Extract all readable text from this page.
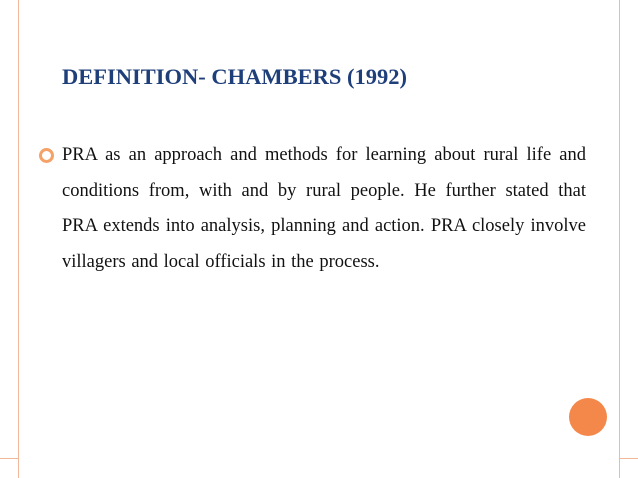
DEFINITION- CHAMBERS (1992)
PRA as an approach and methods for learning about rural life and conditions from, with and by rural people. He further stated that PRA extends into analysis, planning and action. PRA closely involve villagers and local officials in the process.
